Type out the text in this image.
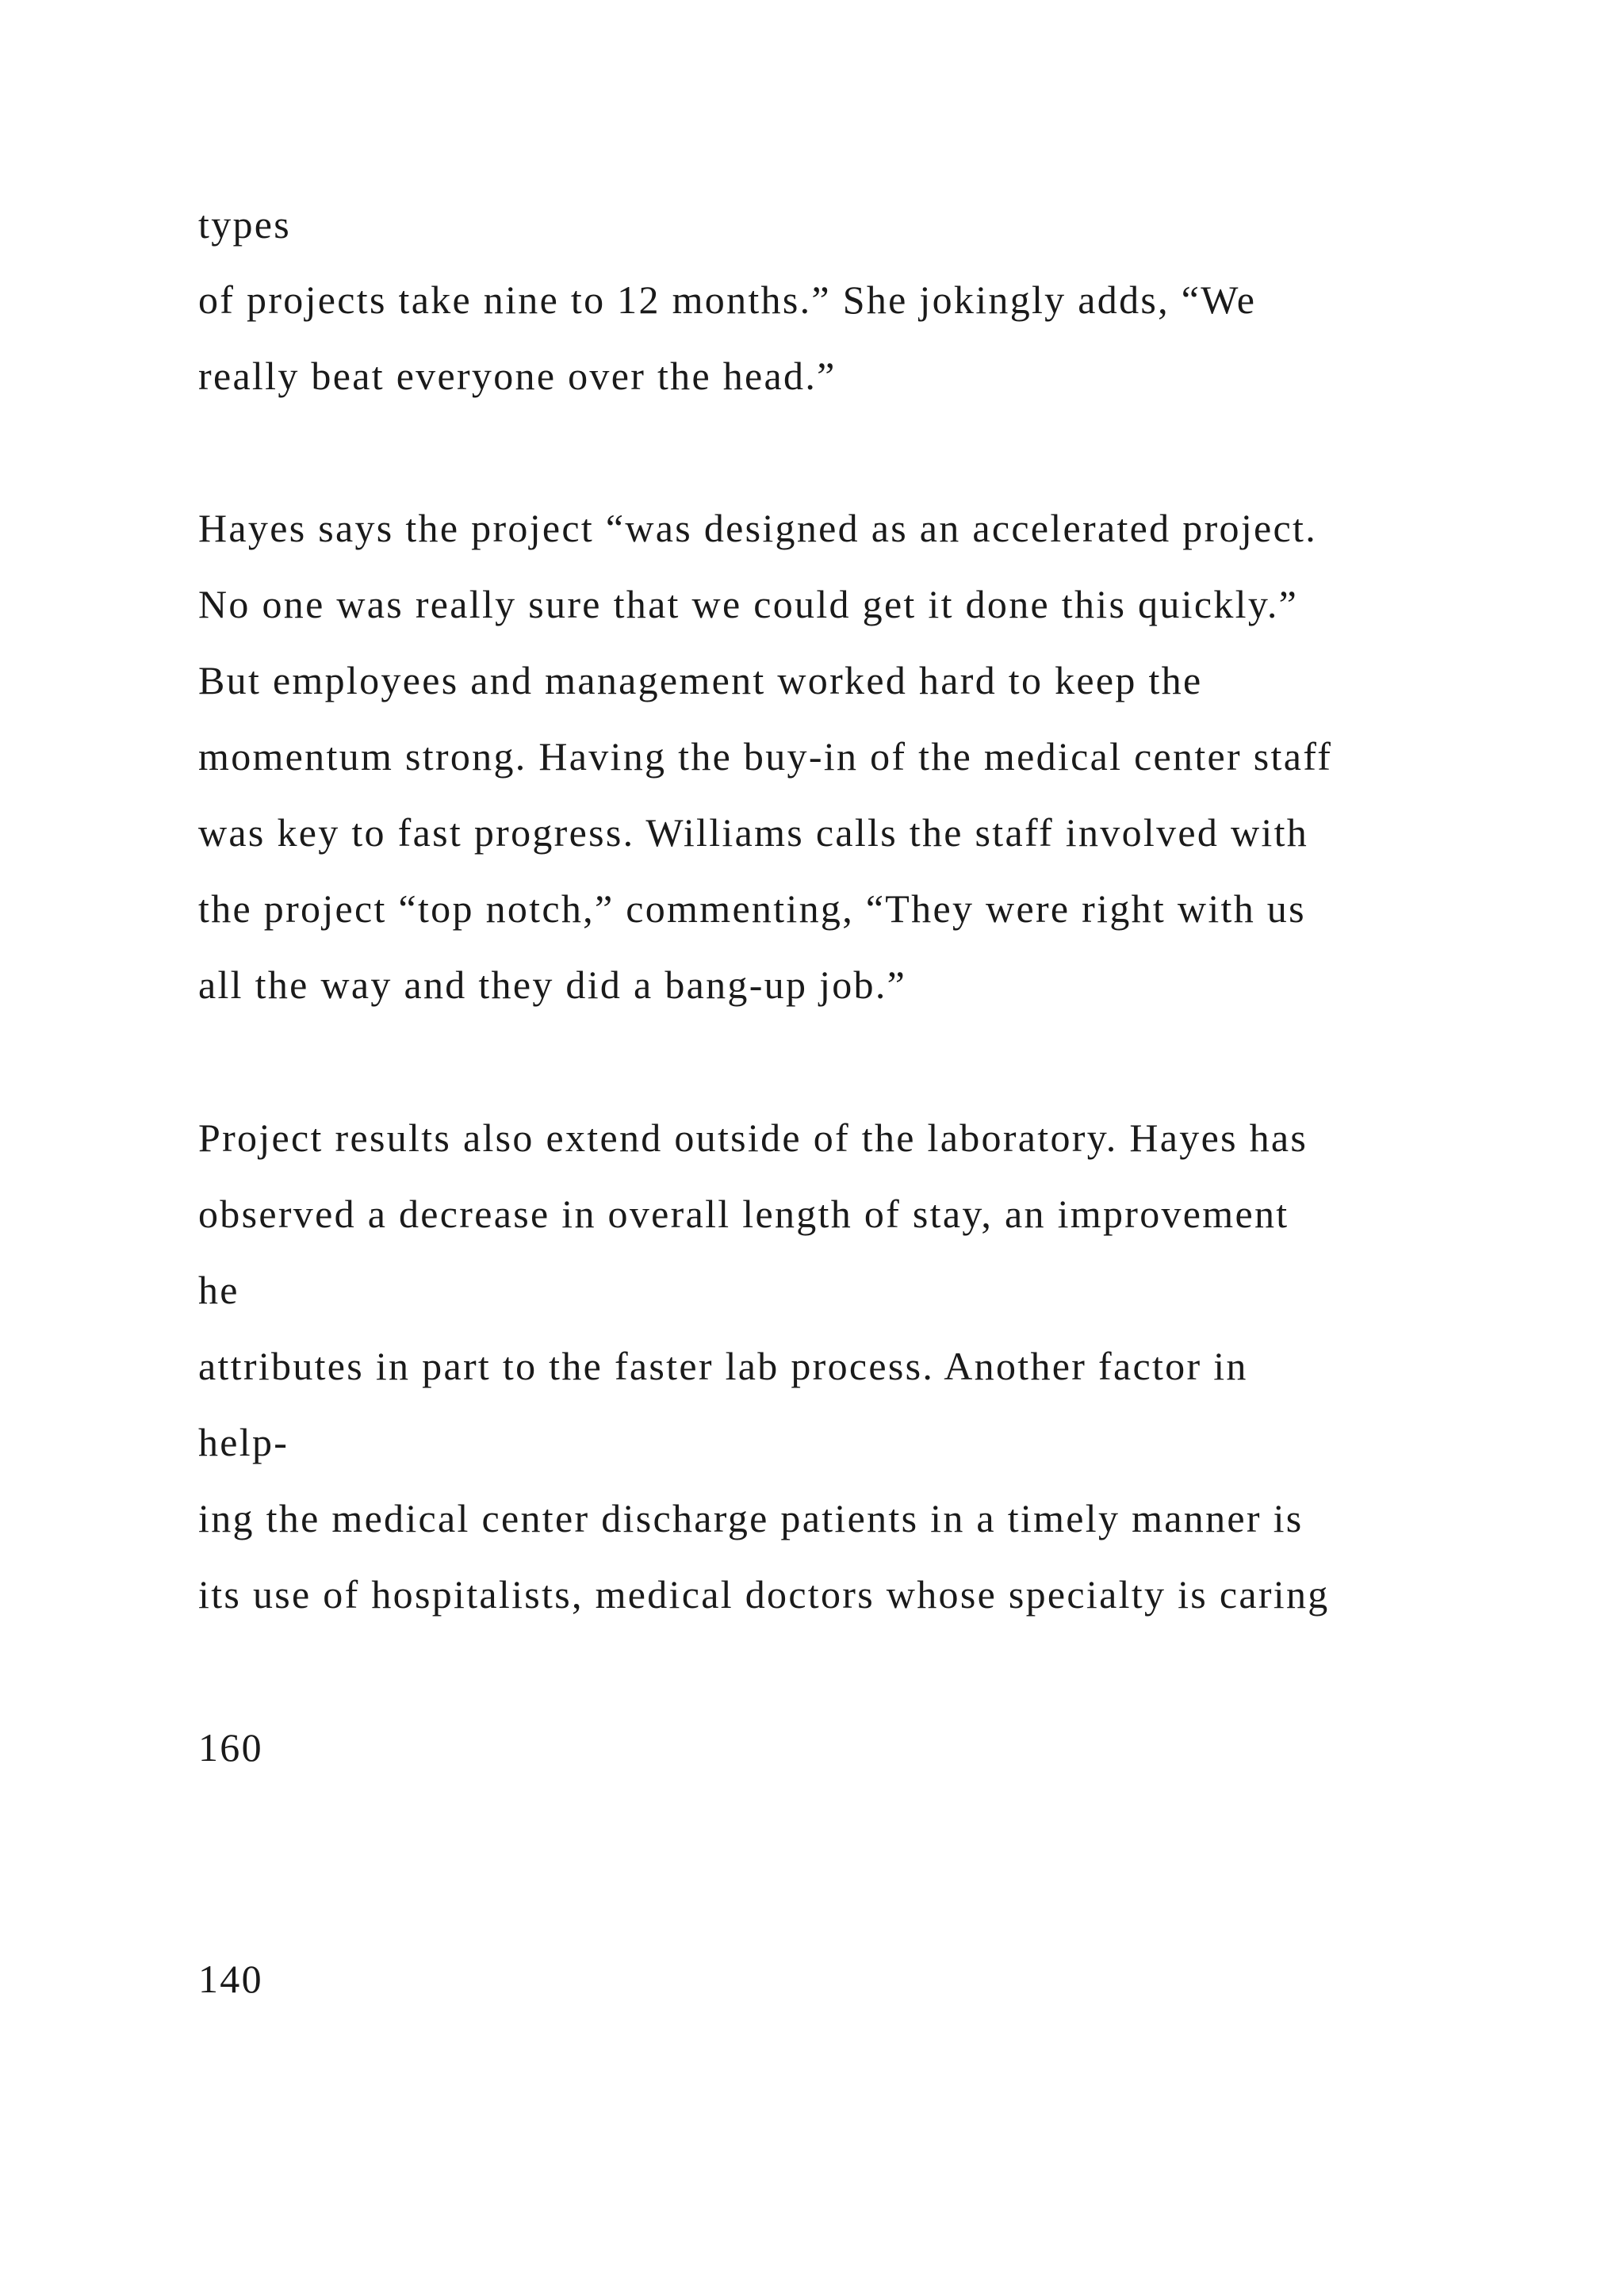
types

of projects take nine to 12 months.” She jokingly adds, “We

really beat everyone over the head.”

Hayes says the project “was designed as an accelerated project.

No one was really sure that we could get it done this quickly.”

But employees and management worked hard to keep the

momentum strong. Having the buy-in of the medical center staff

was key to fast progress. Williams calls the staff involved with

the project “top notch,” commenting, “They were right with us

all the way and they did a bang-up job.”

Project results also extend outside of the laboratory. Hayes has

observed a decrease in overall length of stay, an improvement

he

attributes in part to the faster lab process. Another factor in

help-

ing the medical center discharge patients in a timely manner is

its use of hospitalists, medical doctors whose specialty is caring

160

140
